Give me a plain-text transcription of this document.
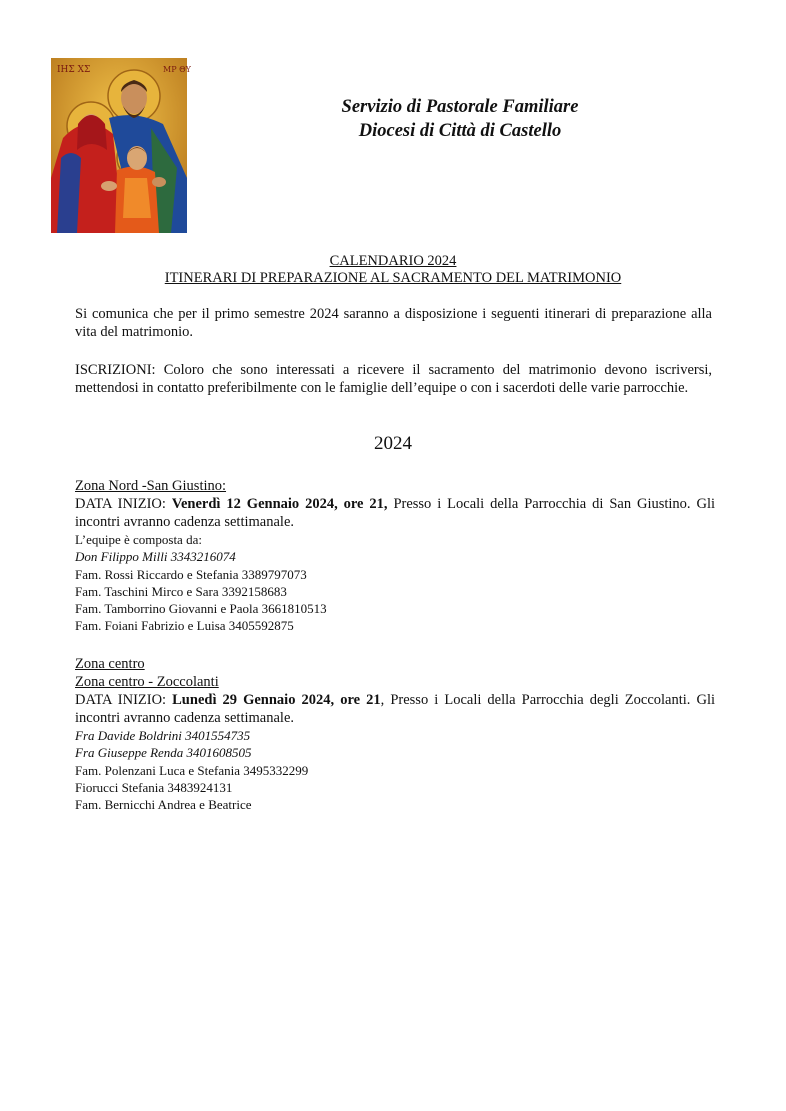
ΙΗΣ ΧΣ	ΜΡ ΘΥ
Servizio di Pastorale Familiare
Diocesi di Città di Castello
CALENDARIO 2024
ITINERARI DI PREPARAZIONE AL SACRAMENTO DEL MATRIMONIO
Si comunica che per il primo semestre 2024 saranno a disposizione i seguenti itinerari di preparazione alla vita del matrimonio.
ISCRIZIONI: Coloro che sono interessati a ricevere il sacramento del matrimonio devono iscriversi, mettendosi in contatto preferibilmente con le famiglie dell’equipe o con i sacerdoti delle varie parrocchie.
2024
Zona Nord -San Giustino:
DATA INIZIO: Venerdì 12 Gennaio 2024, ore 21, Presso i Locali della Parrocchia di San Giustino. Gli incontri avranno cadenza settimanale.
L’equipe è composta da:
Don Filippo Milli 3343216074
Fam. Rossi Riccardo e Stefania 3389797073
Fam. Taschini Mirco e Sara 3392158683
Fam. Tamborrino Giovanni e Paola 3661810513
Fam. Foiani Fabrizio e Luisa 3405592875
Zona centro
Zona centro - Zoccolanti
DATA INIZIO: Lunedì 29 Gennaio 2024, ore 21, Presso i Locali della Parrocchia degli Zoccolanti. Gli incontri avranno cadenza settimanale.
Fra Davide Boldrini 3401554735
Fra Giuseppe Renda 3401608505
Fam. Polenzani Luca e Stefania 3495332299
Fiorucci Stefania 3483924131
Fam. Bernicchi Andrea e Beatrice
